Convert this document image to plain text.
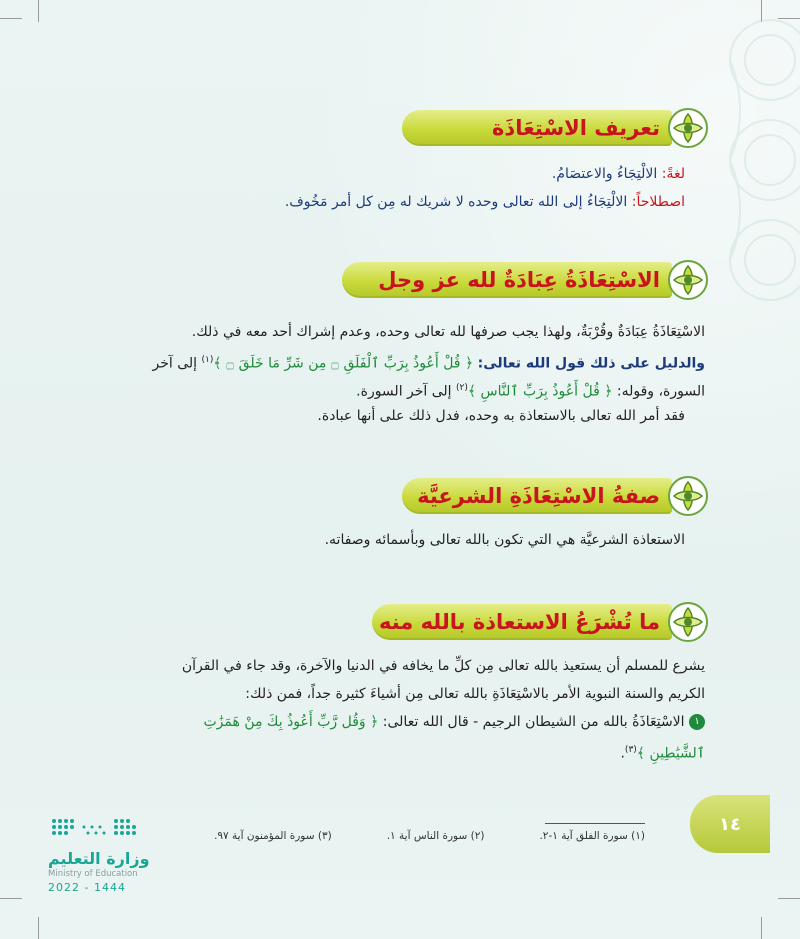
تعريف الاسْتِعَاذَة
لغةً: الالْتِجَاءُ والاعتصَامُ.
اصطلاحاً: الالْتِجَاءُ إلى الله تعالى وحده لا شريك له مِن كل أمر مَخُوف.
الاسْتِعَاذَةُ عِبَادَةٌ لله عز وجل
الاسْتِعَاذَةُ عِبَادَةٌ وقُرْبَةٌ، ولهذا يجب صرفها لله تعالى وحده، وعدم إشراك أحد معه في ذلك.
والدليل على ذلك قول الله تعالى: ﴿ قُلْ أَعُوذُ بِرَبِّ ٱلْفَلَقِ ۝ مِن شَرِّ مَا خَلَقَ ۝ ﴾$^{(١)}$ إلى آخر
السورة، وقوله: ﴿ قُلْ أَعُوذُ بِرَبِّ ٱلنَّاسِ ﴾$^{(٢)}$ إلى آخر السورة.
فقد أمر الله تعالى بالاستعاذة به وحده، فدل ذلك على أنها عبادة.
صفةُ الاسْتِعَاذَةِ الشرعيَّة
الاستعاذة الشرعيَّة هي التي تكون بالله تعالى وبأسمائه وصفاته.
ما تُشْرَعُ الاستعاذة بالله منه
يشرع للمسلم أن يستعيذ بالله تعالى مِن كلِّ ما يخافه في الدنيا والآخرة، وقد جاء في القرآن
الكريم والسنة النبوية الأمر بالاسْتِعَاذَةِ بالله تعالى مِن أشياءَ كثيرة جداً، فمن ذلك:
١ الاسْتِعَاذَةُ بالله من الشيطان الرجيم - قال الله تعالى: ﴿ وَقُل رَّبِّ أَعُوذُ بِكَ مِنْ هَمَزَٰتِ
ٱلشَّيَٰطِينِ ﴾$^{(٣)}$.
١٤
(١) سورة الفلق آية ١-٢.
(٢) سورة الناس آية ١.
(٣) سورة المؤمنون آية ٩٧.
وزارة التعليم
Ministry of Education
2022 - 1444
